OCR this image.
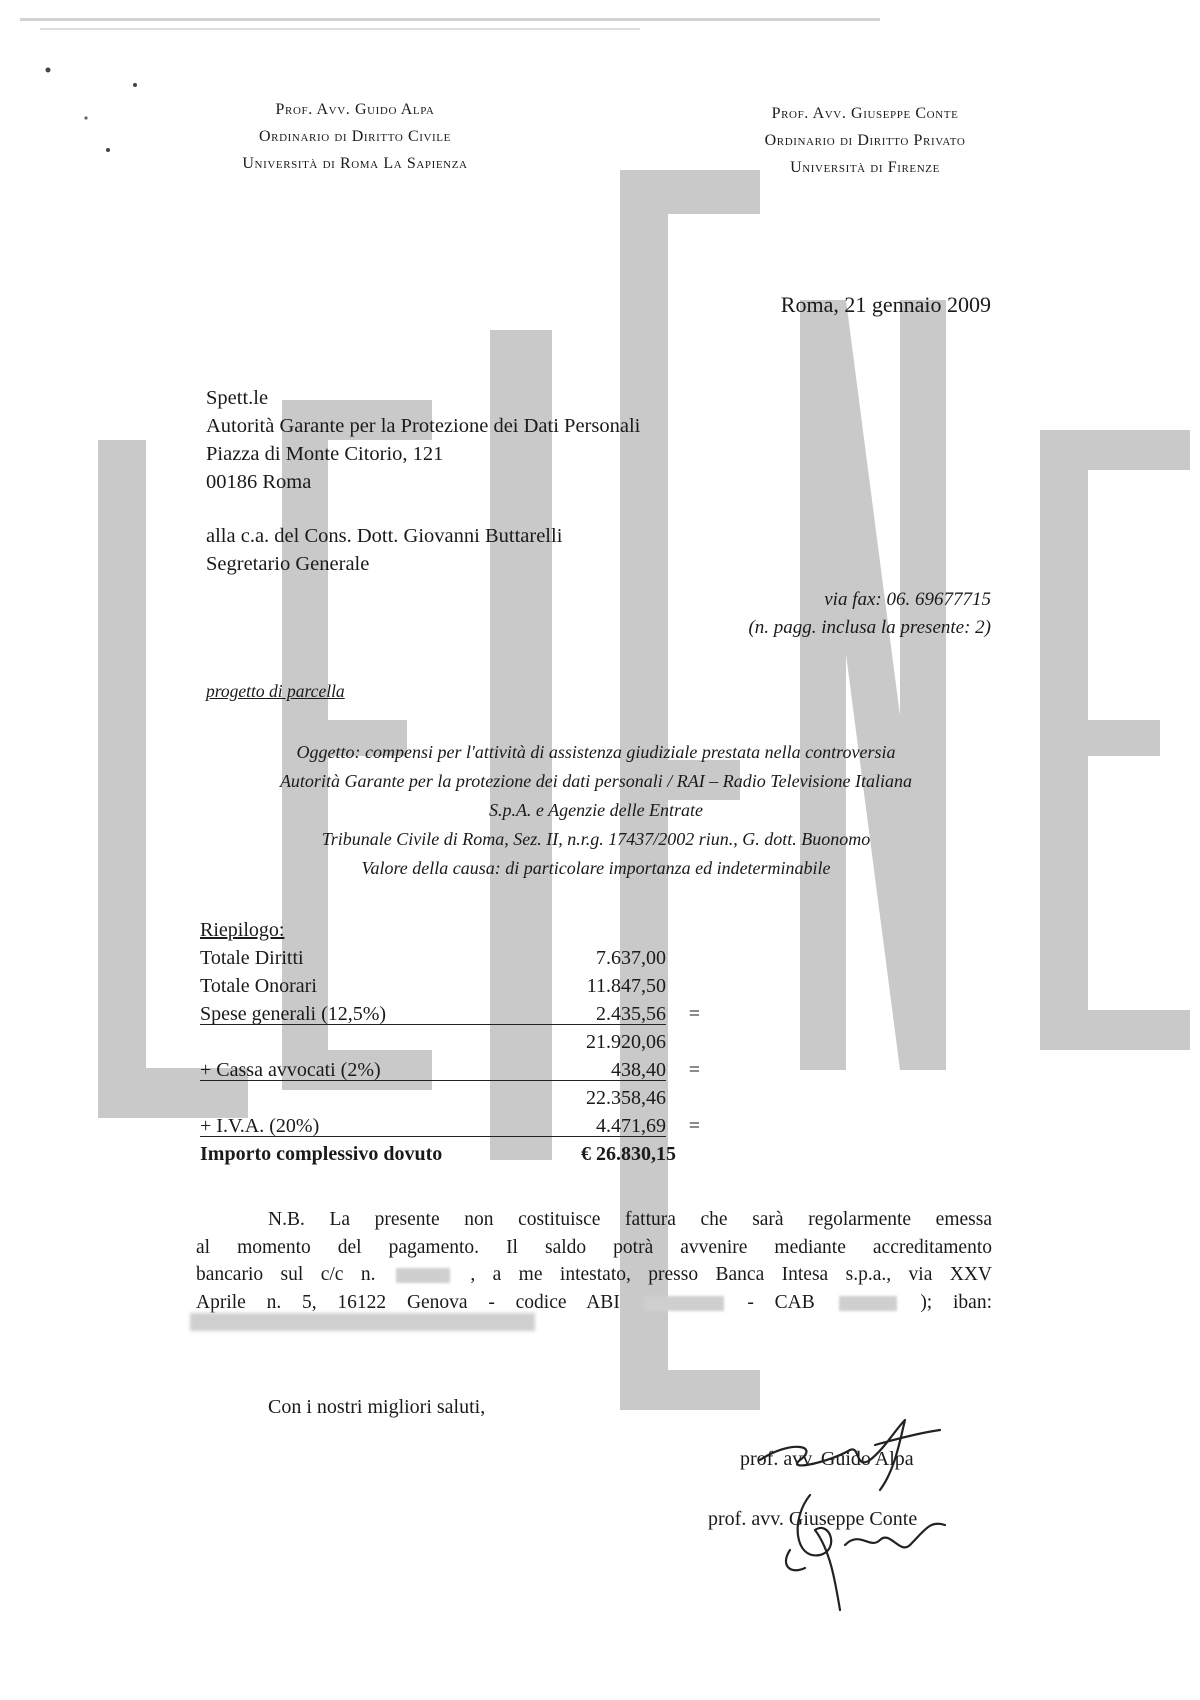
Prof. Avv. Guido Alpa
Ordinario di Diritto Civile
Università di Roma La Sapienza
Prof. Avv. Giuseppe Conte
Ordinario di Diritto Privato
Università di Firenze
Roma, 21 gennaio 2009
Spett.le
Autorità Garante per la Protezione dei Dati Personali
Piazza di Monte Citorio, 121
00186 Roma
alla c.a. del Cons. Dott. Giovanni Buttarelli
Segretario Generale
via fax: 06. 69677715
(n. pagg. inclusa la presente: 2)
progetto di parcella
Oggetto: compensi per l'attività di assistenza giudiziale prestata nella controversia
Autorità Garante per la protezione dei dati personali / RAI – Radio Televisione Italiana
S.p.A. e Agenzie delle Entrate
Tribunale Civile di Roma, Sez. II, n.r.g. 17437/2002 riun., G. dott. Buonomo
Valore della causa: di particolare importanza ed indeterminabile
Riepilogo:
Totale Diritti	7.637,00
Totale Onorari	11.847,50
Spese generali (12,5%)	2.435,56 =
21.920,06
+ Cassa avvocati (2%)	438,40 =
22.358,46
+ I.V.A. (20%)	4.471,69 =
Importo complessivo dovuto	€ 26.830,15
N.B. La presente non costituisce fattura che sarà regolarmente emessa
al momento del pagamento. Il saldo potrà avvenire mediante accreditamento
bancario sul c/c n.	, a me intestato, presso Banca Intesa s.p.a., via XXV
Aprile n. 5, 16122 Genova - codice ABI	- CAB	); iban:
Con i nostri migliori saluti,
prof. avv. Guido Alpa
prof. avv. Giuseppe Conte
